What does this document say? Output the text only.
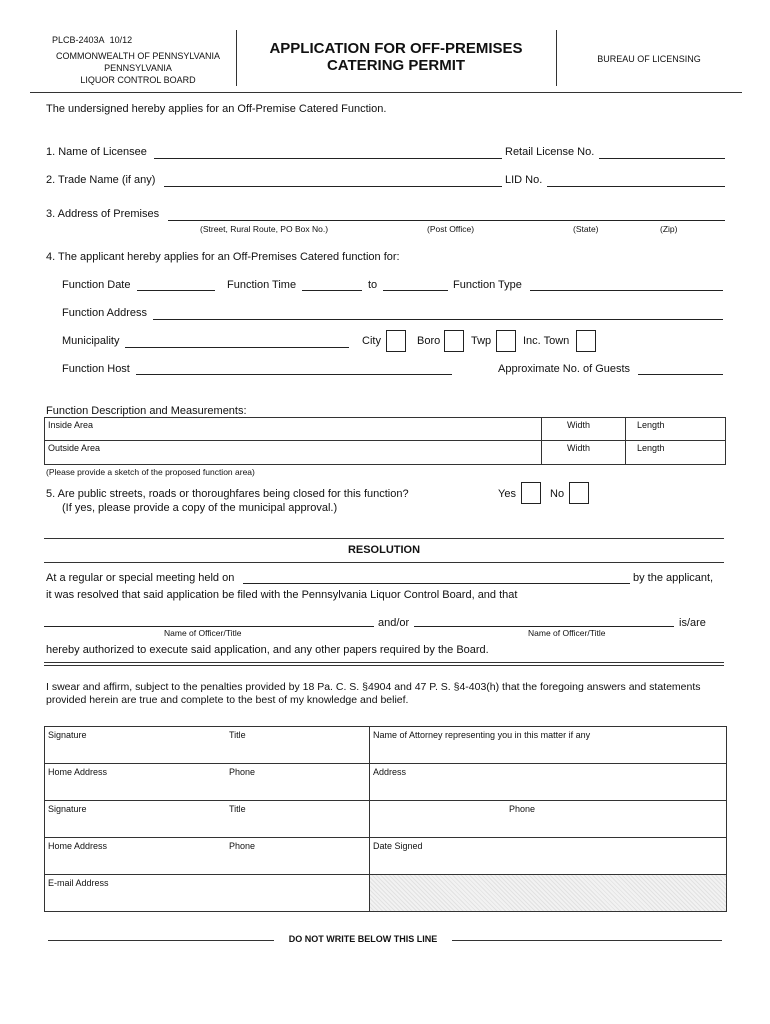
PLCB-2403A 10/12
COMMONWEALTH OF PENNSYLVANIA
PENNSYLVANIA
LIQUOR CONTROL BOARD
APPLICATION FOR OFF-PREMISES
CATERING PERMIT	BUREAU OF LICENSING
The undersigned hereby applies for an Off-Premise Catered Function.
1. Name of Licensee	Retail License No.
2. Trade Name (if any)	LID No.
3. Address of Premises
(Street, Rural Route, PO Box No.)	(Post Office)	(State)	(Zip)
4. The applicant hereby applies for an Off-Premises Catered function for:
Function Date	Function Time	to	Function Type
Function Address
Municipality	City	Boro	Twp	Inc. Town
Function Host	Approximate No. of Guests
Function Description and Measurements:
Inside Area	Width	Length
Outside Area	Width	Length
(Please provide a sketch of the proposed function area)
5. Are public streets, roads or thoroughfares being closed for this function?
(If yes, please provide a copy of the municipal approval.)
Yes	No
RESOLUTION
At a regular or special meeting held on	by the applicant,
it was resolved that said application be filed with the Pennsylvania Liquor Control Board, and that
and/or	is/are
Name of Officer/Title	Name of Officer/Title
hereby authorized to execute said application, and any other papers required by the Board.
I swear and affirm, subject to the penalties provided by 18 Pa. C. S. §4904 and 47 P. S. §4-403(h) that the foregoing answers and statements
provided herein are true and complete to the best of my knowledge and belief.
Signature	Title	Name of Attorney representing you in this matter if any
Home Address	Phone	Address
Signature	Title	Phone
Home Address	Phone	Date Signed
E-mail Address
DO NOT WRITE BELOW THIS LINE
